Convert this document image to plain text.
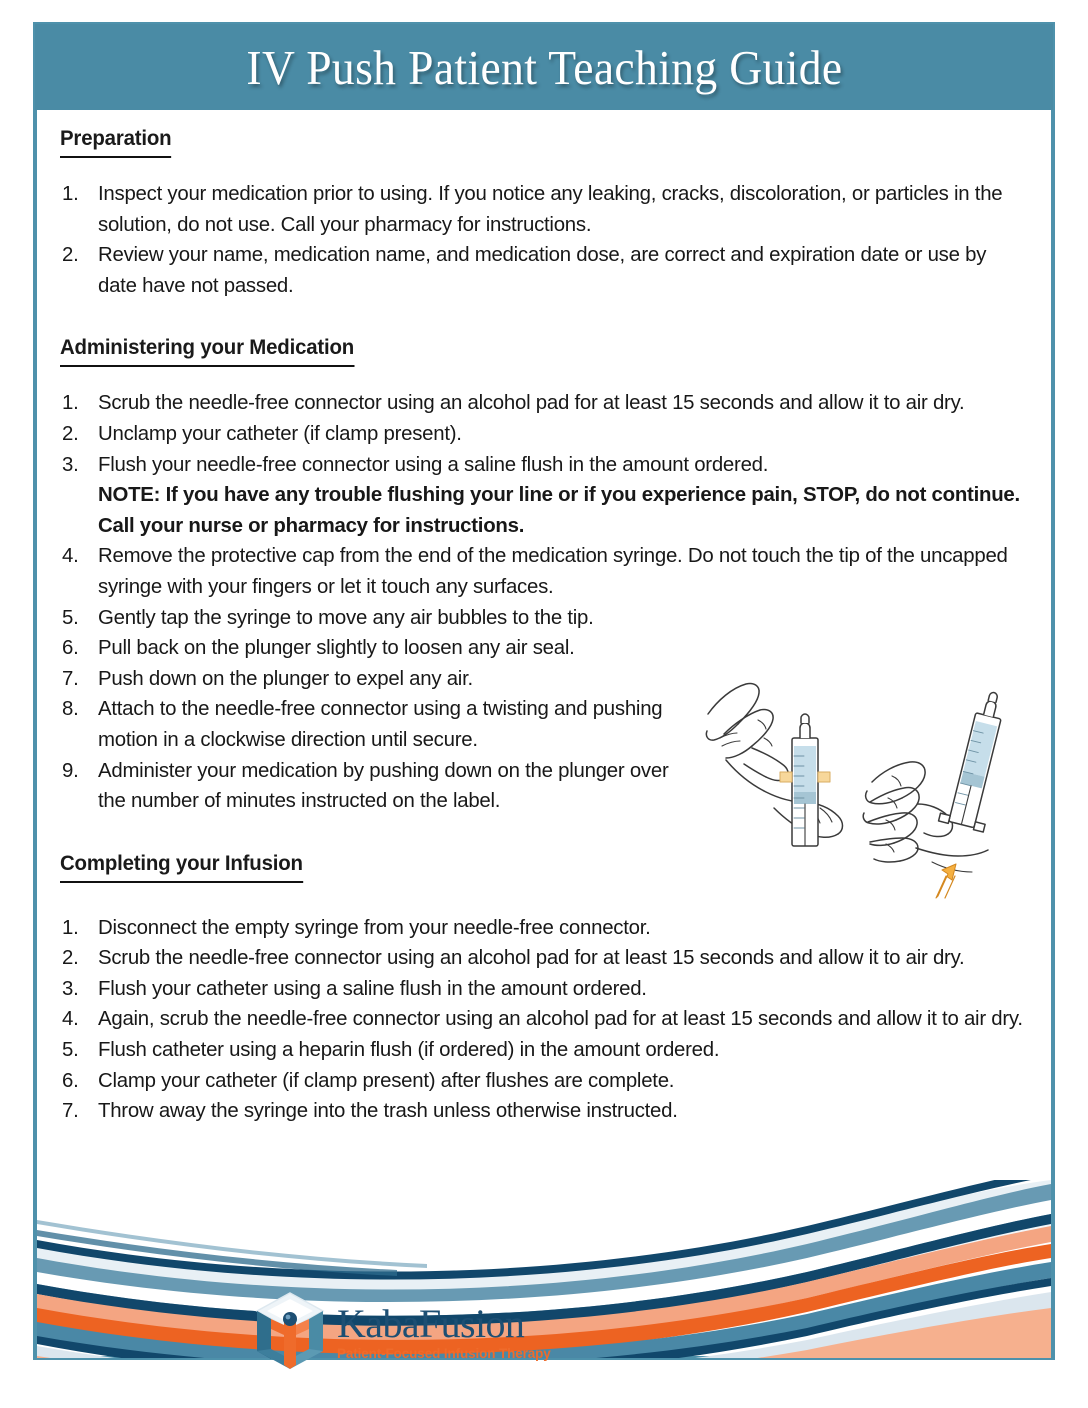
IV Push Patient Teaching Guide
Preparation
1. Inspect your medication prior to using. If you notice any leaking, cracks, discoloration, or particles in the solution, do not use. Call your pharmacy for instructions.
2. Review your name, medication name, and medication dose, are correct and expiration date or use by date have not passed.
Administering your Medication
1. Scrub the needle-free connector using an alcohol pad for at least 15 seconds and allow it to air dry.
2. Unclamp your catheter (if clamp present).
3. Flush your needle-free connector using a saline flush in the amount ordered.
NOTE: If you have any trouble flushing your line or if you experience pain, STOP, do not continue. Call your nurse or pharmacy for instructions.
4. Remove the protective cap from the end of the medication syringe. Do not touch the tip of the uncapped syringe with your fingers or let it touch any surfaces.
5. Gently tap the syringe to move any air bubbles to the tip.
6. Pull back on the plunger slightly to loosen any air seal.
7. Push down on the plunger to expel any air.
8. Attach to the needle-free connector using a twisting and pushing motion in a clockwise direction until secure.
9. Administer your medication by pushing down on the plunger over the number of minutes instructed on the label.
Completing your Infusion
1. Disconnect the empty syringe from your needle-free connector.
2. Scrub the needle-free connector using an alcohol pad for at least 15 seconds and allow it to air dry.
3. Flush your catheter using a saline flush in the amount ordered.
4. Again, scrub the needle-free connector using an alcohol pad for at least 15 seconds and allow it to air dry.
5. Flush catheter using a heparin flush (if ordered) in the amount ordered.
6. Clamp your catheter (if clamp present) after flushes are complete.
7. Throw away the syringe into the trash unless otherwise instructed.
KabaFusion
Patient-Focused Infusion Therapy
